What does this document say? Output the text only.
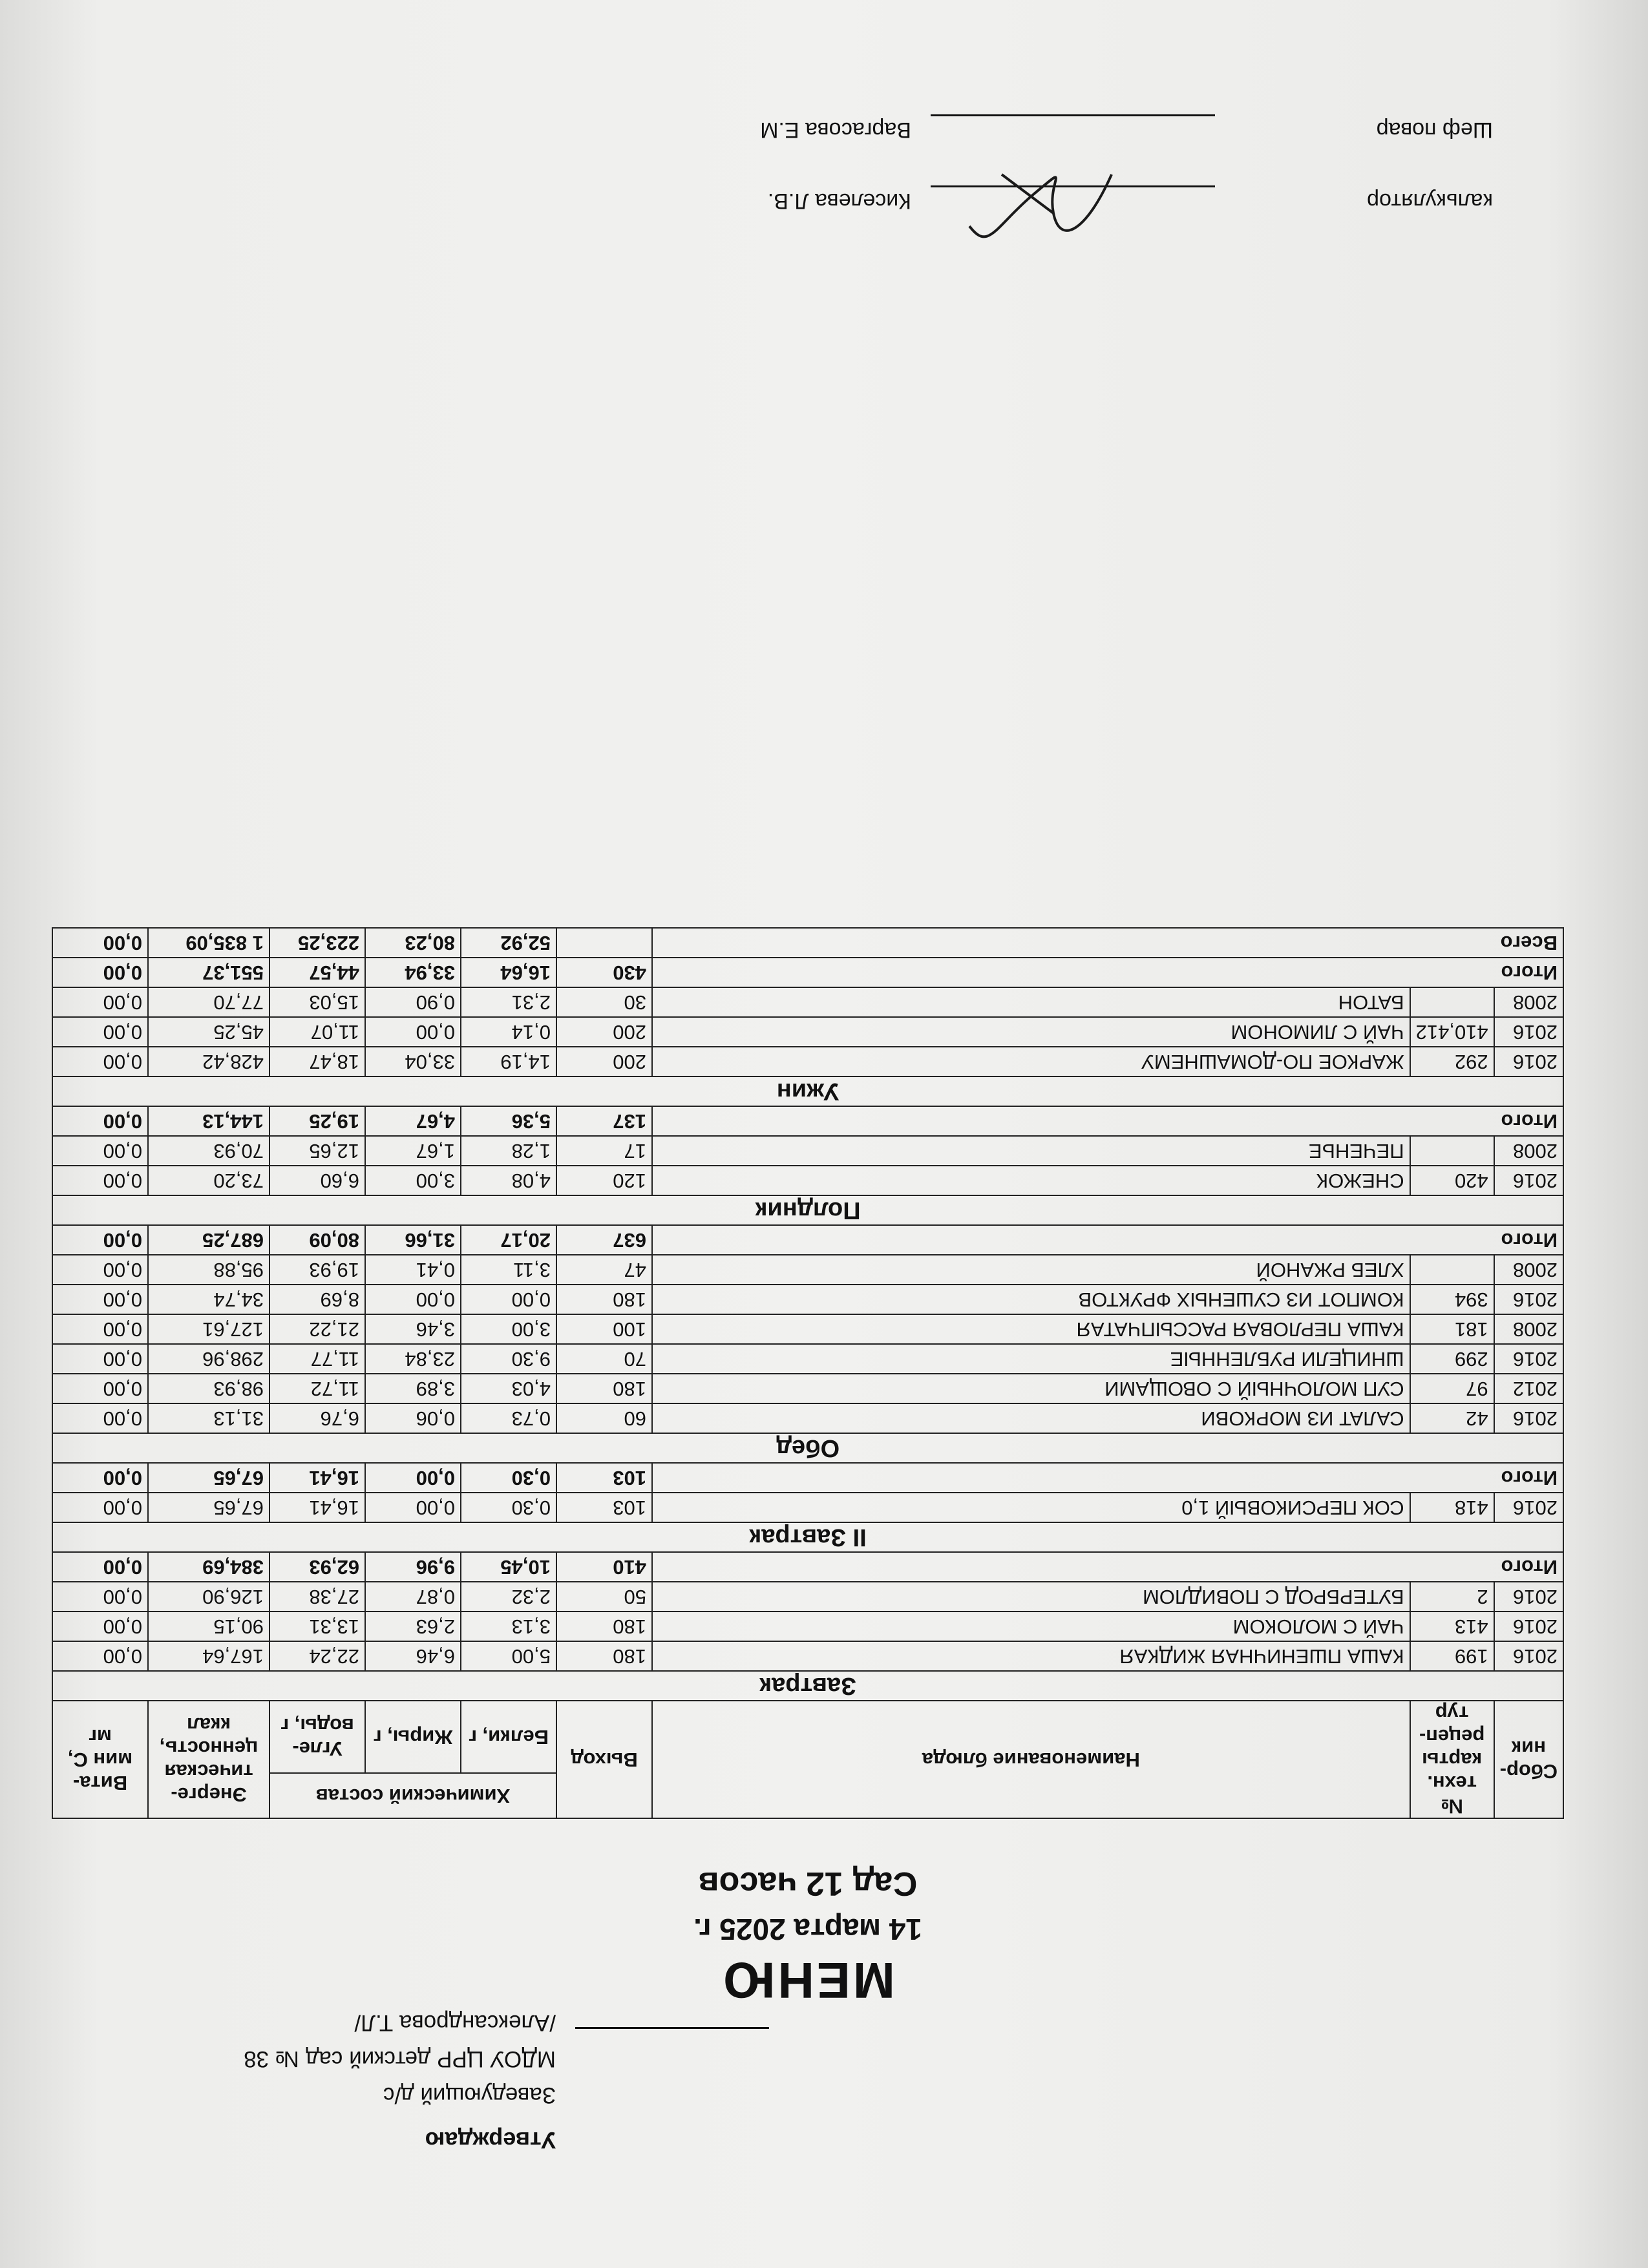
Утверждаю
Заведующий д/с
МДОУ ЦРР детский сад № 38
/Александрова Т.Л/
МЕНЮ
14 марта 2025 г.
Сад 12 часов
Сбор-ник	№ техн. карты рецеп-тур	Наименование блюда	Выход	Химический состав			Энерге-тическая ценность, ккал	Вита-мин С, мг
				Белки, г	Жиры, г	Угле-воды, г		
Завтрак								
2016	199	КАША ПШЕНИЧНАЯ ЖИДКАЯ	180	5,00	6,46	22,24	167,64	0,00
2016	413	ЧАЙ С МОЛОКОМ	180	3,13	2,63	13,31	90,15	0,00
2016	2	БУТЕРБРОД С ПОВИДЛОМ	50	2,32	0,87	27,38	126,90	0,00
Итого			410	10,45	9,96	62,93	384,69	0,00
II Завтрак								
2016	418	СОК ПЕРСИКОВЫЙ 1,0	103	0,30	0,00	16,41	67,65	0,00
Итого			103	0,30	0,00	16,41	67,65	0,00
Обед								
2016	42	САЛАТ ИЗ МОРКОВИ	60	0,73	0,06	6,76	31,13	0,00
2012	97	СУП МОЛОЧНЫЙ С ОВОЩАМИ	180	4,03	3,89	11,72	98,93	0,00
2016	299	ШНИЦЕЛИ РУБЛЕННЫЕ	70	9,30	23,84	11,77	298,96	0,00
2008	181	КАША ПЕРЛОВАЯ РАССЫПЧАТАЯ	100	3,00	3,46	21,22	127,61	0,00
2016	394	КОМПОТ ИЗ СУШЕНЫХ ФРУКТОВ	180	0,00	0,00	8,69	34,74	0,00
2008		ХЛЕБ РЖАНОЙ	47	3,11	0,41	19,93	95,88	0,00
Итого			637	20,17	31,66	80,09	687,25	0,00
Полдник								
2016	420	СНЕЖОК	120	4,08	3,00	6,60	73,20	0,00
2008		ПЕЧЕНЬЕ	17	1,28	1,67	12,65	70,93	0,00
Итого			137	5,36	4,67	19,25	144,13	0,00
Ужин								
2016	292	ЖАРКОЕ ПО-ДОМАШНЕМУ	200	14,19	33,04	18,47	428,42	0,00
2016	410,412	ЧАЙ С ЛИМОНОМ	200	0,14	0,00	11,07	45,25	0,00
2008		БАТОН	30	2,31	0,90	15,03	77,70	0,00
Итого			430	16,64	33,94	44,57	551,37	0,00
Всего				52,92	80,23	223,25	1 835,09	0,00
калькулятор
Киселева Л.В.
Шеф повар
Варгасова Е.М
